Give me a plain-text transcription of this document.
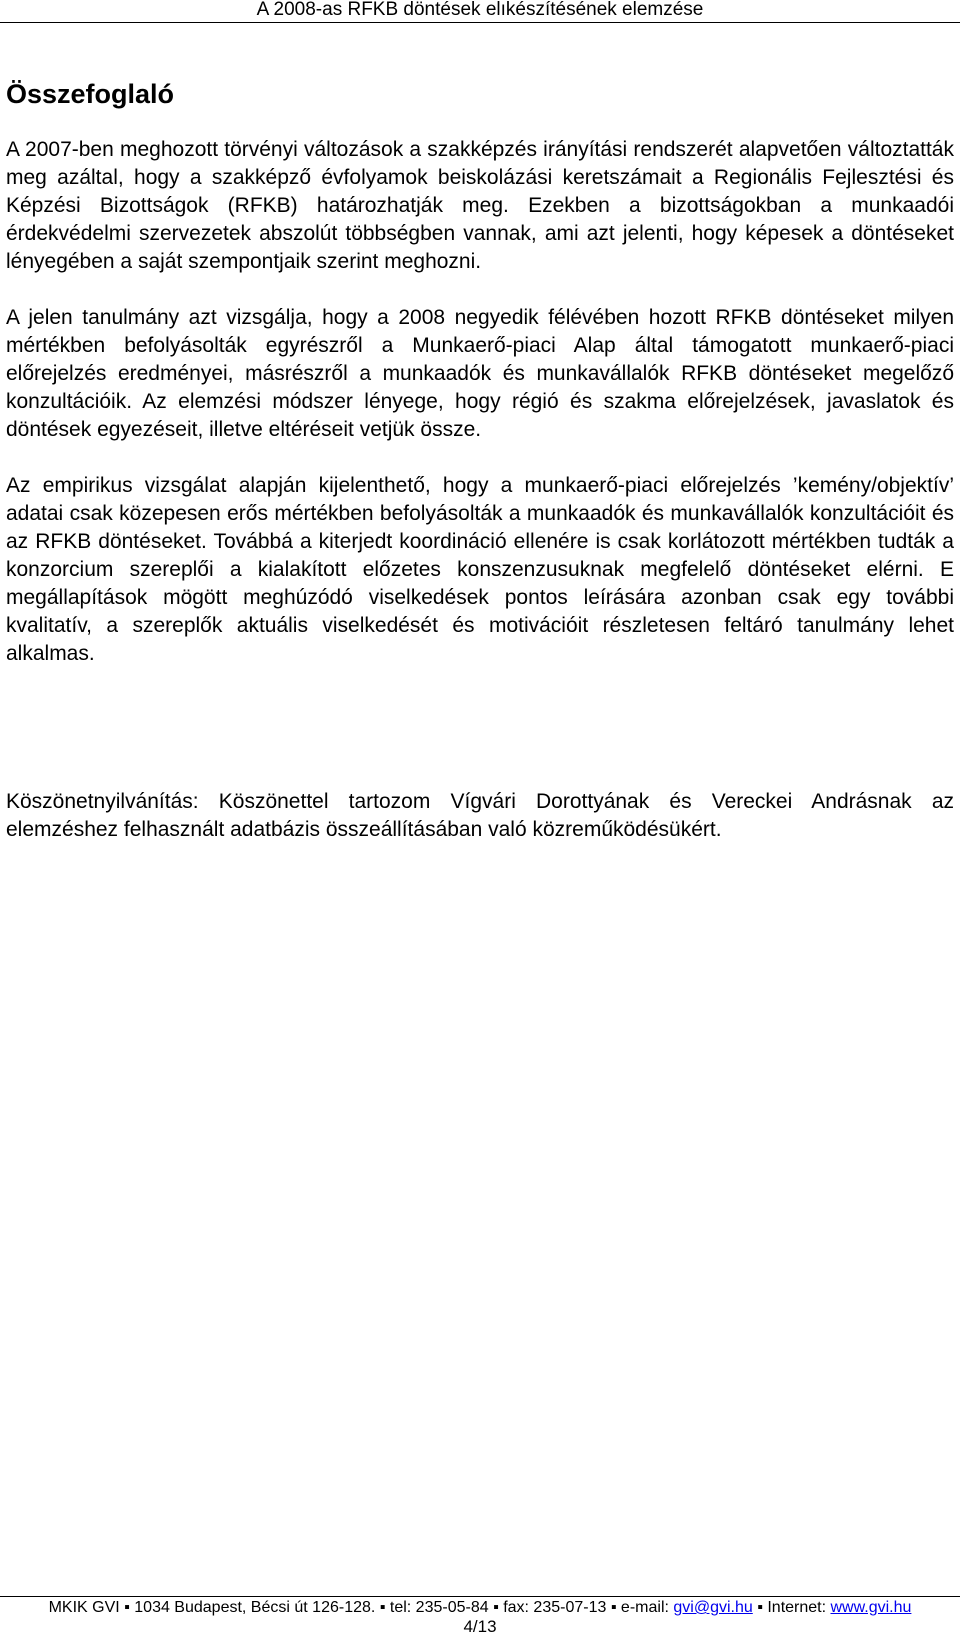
A 2008-as RFKB döntések elıkészítésének elemzése
Összefoglaló

A 2007-ben meghozott törvényi változások a szakképzés irányítási rendszerét alapvetően változtatták meg azáltal, hogy a szakképző évfolyamok beiskolázási keretszámait a Regionális Fejlesztési és Képzési Bizottságok (RFKB) határozhatják meg. Ezekben a bizottságokban a munkaadói érdekvédelmi szervezetek abszolút többségben vannak, ami azt jelenti, hogy képesek a döntéseket lényegében a saját szempontjaik szerint meghozni.

A jelen tanulmány azt vizsgálja, hogy a 2008 negyedik félévében hozott RFKB döntéseket milyen mértékben befolyásolták egyrészről a Munkaerő-piaci Alap által támogatott munkaerő-piaci előrejelzés eredményei, másrészről a munkaadók és munkavállalók RFKB döntéseket megelőző konzultációik. Az elemzési módszer lényege, hogy régió és szakma előrejelzések, javaslatok és döntések egyezéseit, illetve eltéréseit vetjük össze.

Az empirikus vizsgálat alapján kijelenthető, hogy a munkaerő-piaci előrejelzés ’kemény/objektív’ adatai csak közepesen erős mértékben befolyásolták a munkaadók és munkavállalók konzultációit és az RFKB döntéseket. Továbbá a kiterjedt koordináció ellenére is csak korlátozott mértékben tudták a konzorcium szereplői a kialakított előzetes konszenzusuknak megfelelő döntéseket elérni. E megállapítások mögött meghúzódó viselkedések pontos leírására azonban csak egy további kvalitatív, a szereplők aktuális viselkedését és motivációit részletesen feltáró tanulmány lehet alkalmas.

Köszönetnyilvánítás: Köszönettel tartozom Vígvári Dorottyának és Vereckei Andrásnak az elemzéshez felhasznált adatbázis összeállításában való közreműködésükért.

MKIK GVI ▪ 1034 Budapest, Bécsi út 126-128. ▪ tel: 235-05-84 ▪ fax: 235-07-13 ▪ e-mail: gvi@gvi.hu ▪ Internet: www.gvi.hu
4/13
